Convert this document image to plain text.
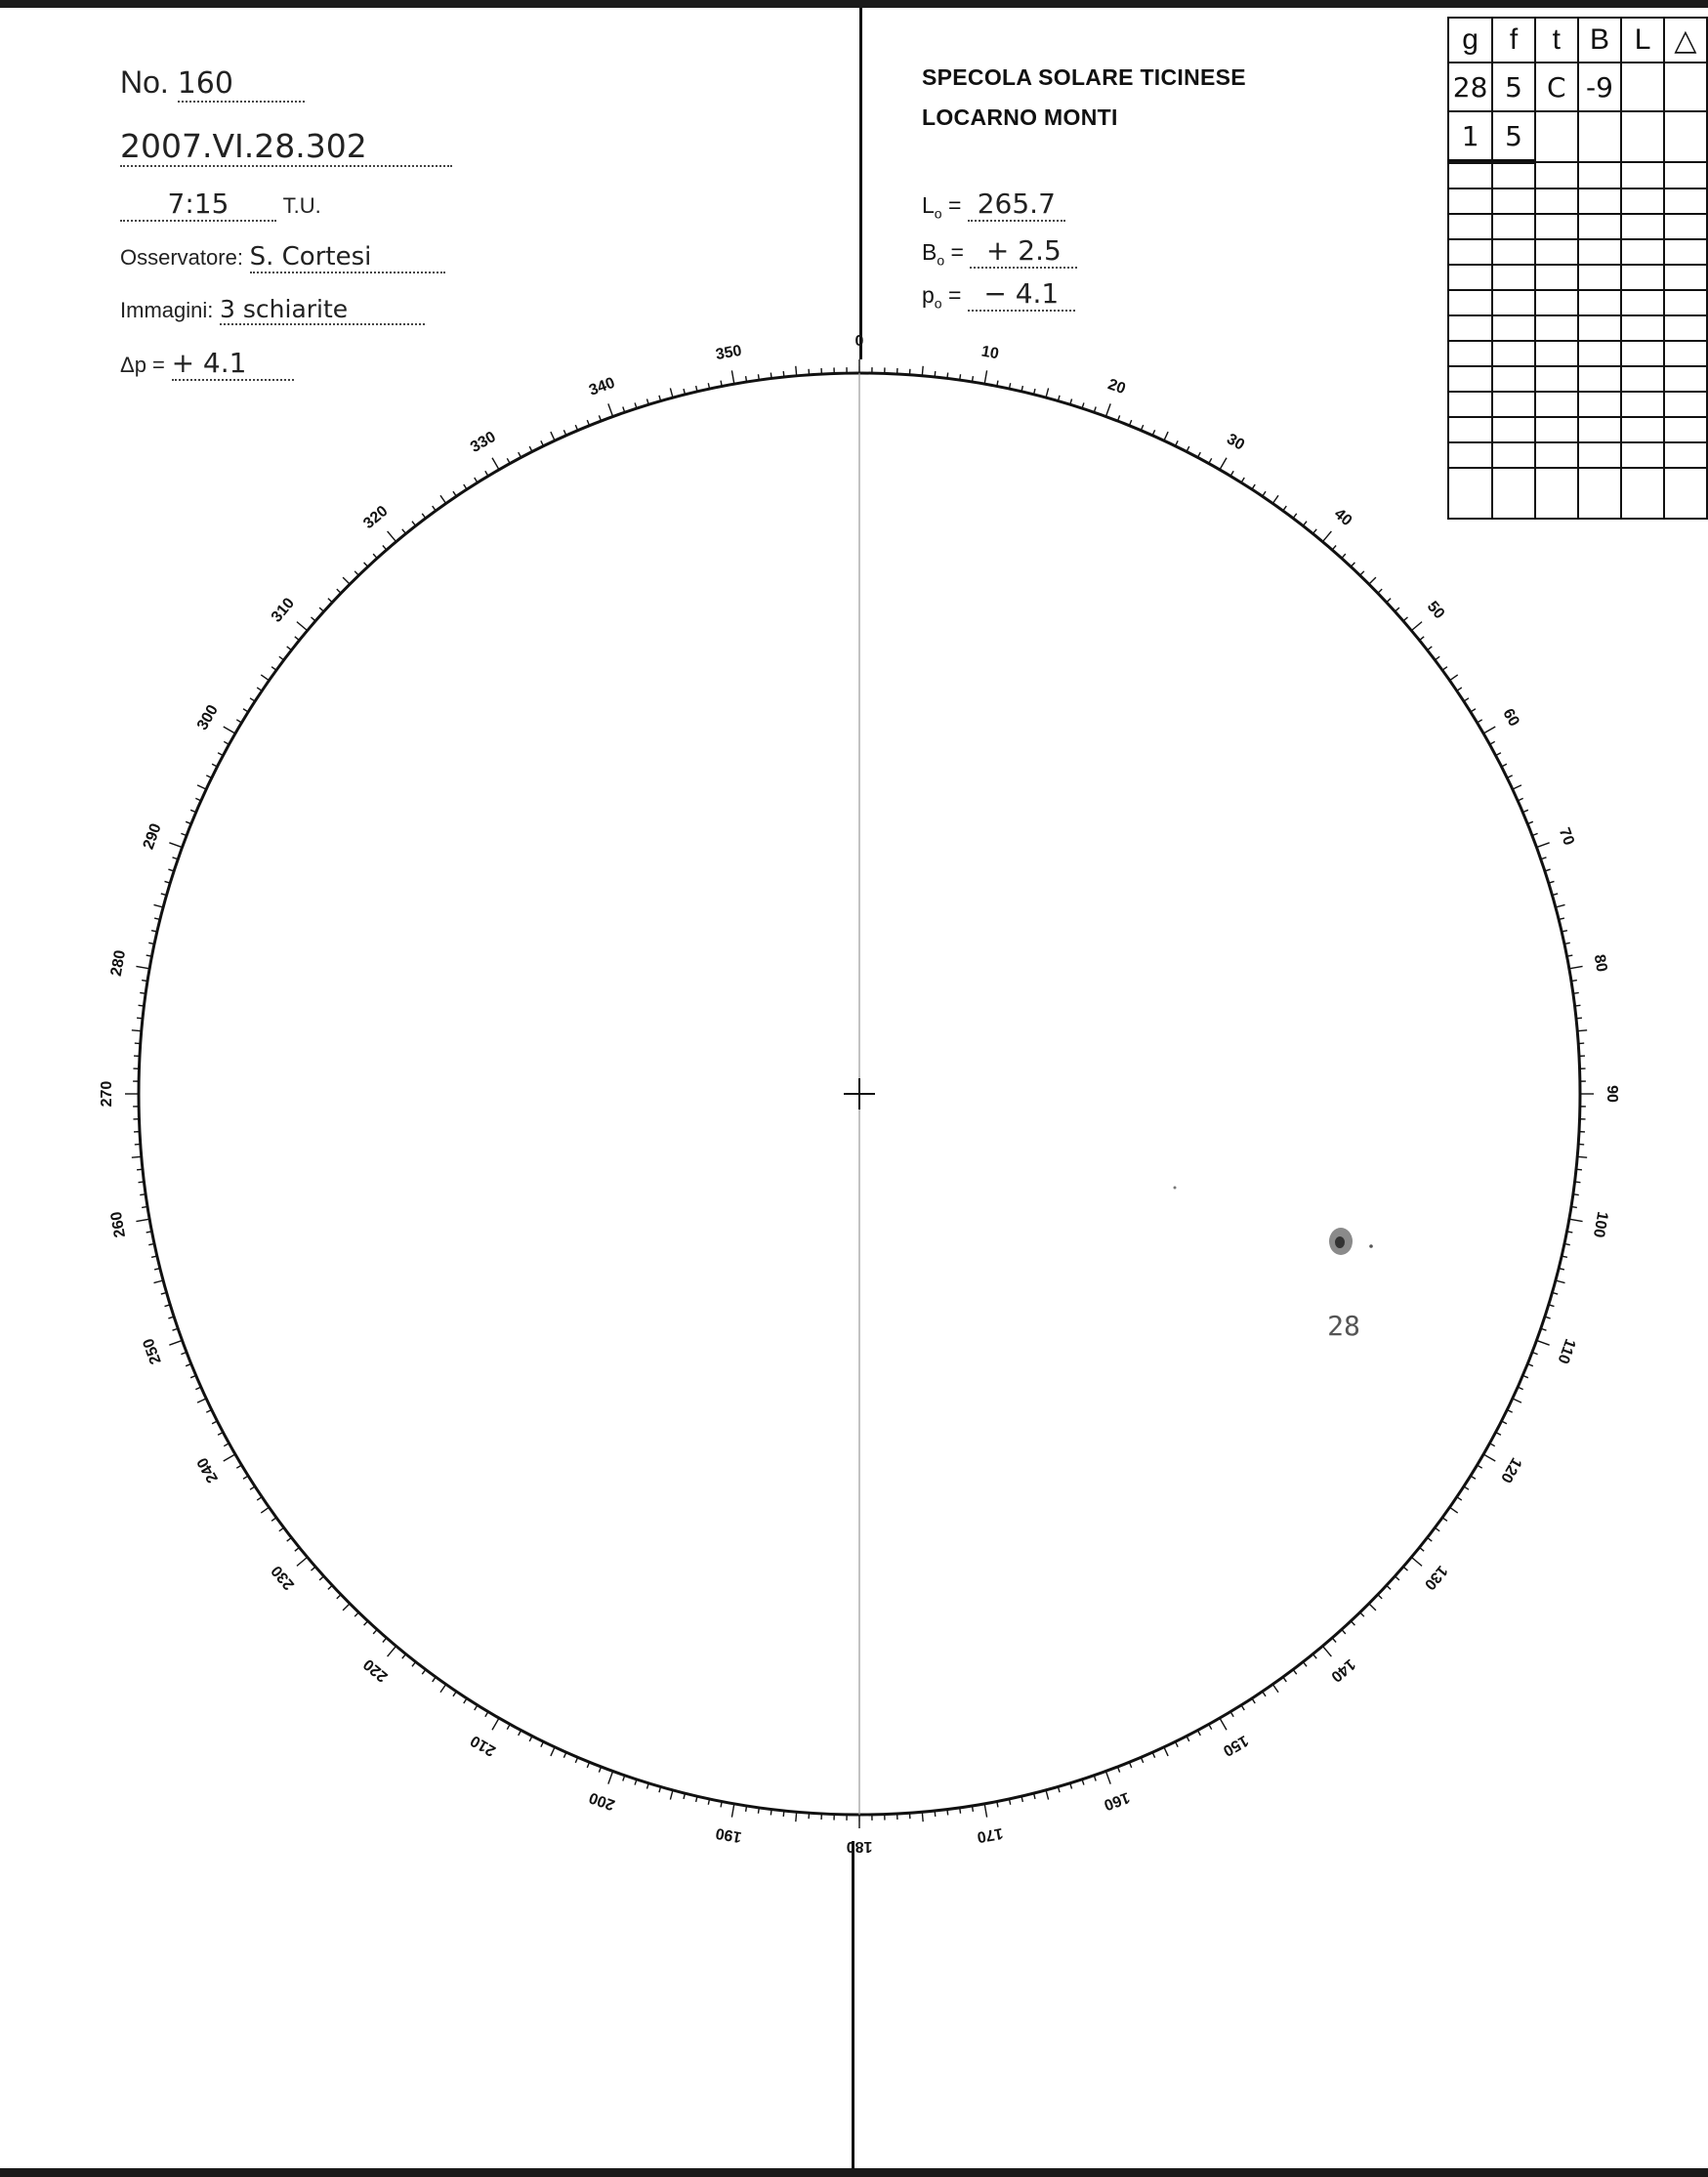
No. 160
2007.VI.28.302
7:15	T.U.
Osservatore: S. Cortesi
Immagini: 3 schiarite
Δp = + 4.1
SPECOLA SOLARE TICINESE
LOCARNO MONTI
$L_o = 265.7$
$B_o$ = + 2.5
$p_o$ = − 4.1
g	f	t	B	L	△
28	5	C	-9		
1	5				

0
10
20
30
40
50
60
70
80
90
100
110
120
130
140
150
160
170
180
190
200
210
220
230
240
250
260
270
280
290
300
310
320
330
340
350
28
